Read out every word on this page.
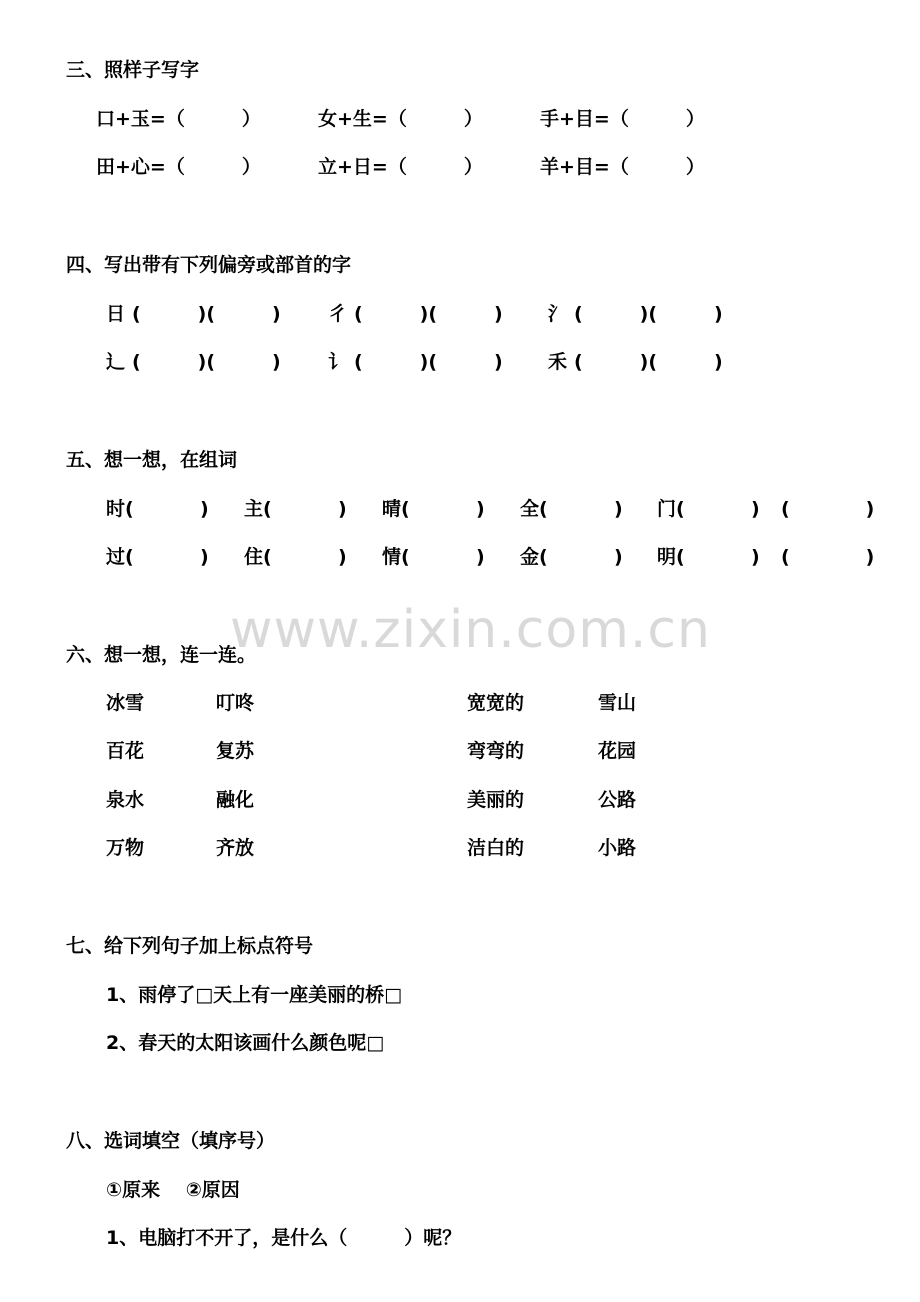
www.zixin.com.cn
三、照样子写字
口+玉=（　　　）	女+生=（　　　）	手+目=（　　　）
田+心=（　　　）	立+日=（　　　）	羊+目=（　　　）
四、写出带有下列偏旁或部首的字
日 (　　　)(　　　) 彳 (　　　)(　　　) 氵 (　　　)(　　　)
辶 (　　　)(　　　) 讠 (　　　)(　　　) 禾 (　　　)(　　　)
五、想一想，在组词
时(	) 主(	) 晴(	) 全(	) 门(	) (　　　　)
过(	) 住(	) 情(	) 金(	) 明(	) (　　　　)
六、想一想，连一连。
冰雪	叮咚	宽宽的	雪山
百花	复苏	弯弯的	花园
泉水	融化	美丽的	公路
万物	齐放	洁白的	小路
七、给下列句子加上标点符号
1、雨停了□天上有一座美丽的桥□
2、春天的太阳该画什么颜色呢□
八、选词填空（填序号）
①原来　 ②原因
1、电脑打不开了，是什么（　　　）呢？
